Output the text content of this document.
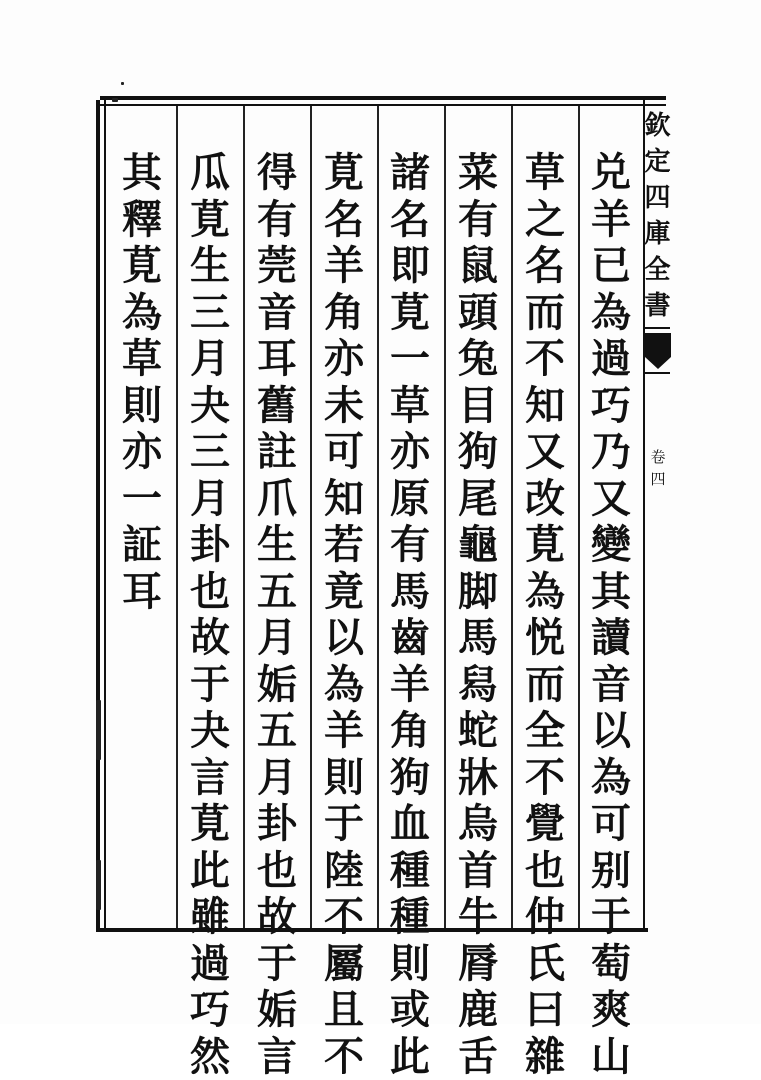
兑
羊
已
為
過
巧
乃
又
變
其
讀
音
以
為
可
别
于
萄
爽
山
草
之
名
而
不
知
又
改
莧
為
悦
而
全
不
覺
也
仲
氏
曰
雜
菜
有
鼠
頭
兔
目
狗
尾
龜
脚
馬
舄
蛇
牀
烏
首
牛
脣
鹿
舌
諸
名
即
莧
一
草
亦
原
有
馬
齒
羊
角
狗
血
種
種
則
或
此
莧
名
羊
角
亦
未
可
知
若
竟
以
為
羊
則
于
陸
不
屬
且
不
得
有
莞
音
耳
舊
註
爪
生
五
月
姤
五
月
卦
也
故
于
姤
言
瓜
莧
生
三
月
夬
三
月
卦
也
故
于
夬
言
莧
此
雖
過
巧
然
其
釋
莧
為
草
則
亦
一
証
耳
欽
定
四
庫
全
書
卷
四
